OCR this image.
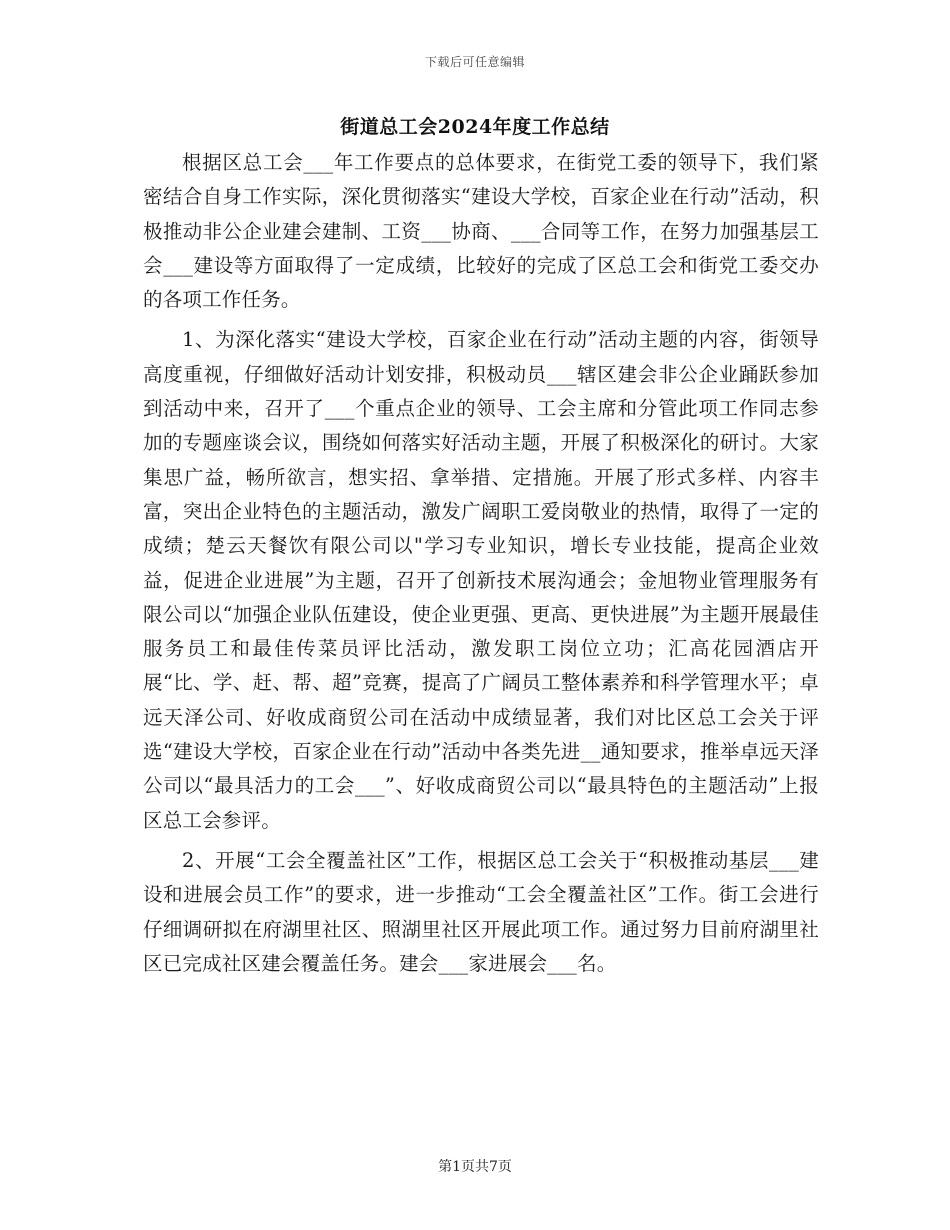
下载后可任意编辑
街道总工会2024年度工作总结

根据区总工会___年工作要点的总体要求，在街党工委的领导下，我们紧密结合自身工作实际，深化贯彻落实“建设大学校，百家企业在行动”活动，积极推动非公企业建会建制、工资___协商、___合同等工作，在努力加强基层工会___建设等方面取得了一定成绩，比较好的完成了区总工会和街党工委交办的各项工作任务。

1、为深化落实“建设大学校，百家企业在行动”活动主题的内容，街领导高度重视，仔细做好活动计划安排，积极动员___辖区建会非公企业踊跃参加到活动中来，召开了___个重点企业的领导、工会主席和分管此项工作同志参加的专题座谈会议，围绕如何落实好活动主题，开展了积极深化的研讨。大家集思广益，畅所欲言，想实招、拿举措、定措施。开展了形式多样、内容丰富，突出企业特色的主题活动，激发广阔职工爱岗敬业的热情，取得了一定的成绩；楚云天餐饮有限公司以"学习专业知识，增长专业技能，提高企业效益，促进企业进展”为主题，召开了创新技术展沟通会；金旭物业管理服务有限公司以“加强企业队伍建设，使企业更强、更高、更快进展”为主题开展最佳服务员工和最佳传菜员评比活动，激发职工岗位立功；汇高花园酒店开展“比、学、赶、帮、超”竞赛，提高了广阔员工整体素养和科学管理水平；卓远天泽公司、好收成商贸公司在活动中成绩显著，我们对比区总工会关于评选“建设大学校，百家企业在行动”活动中各类先进__通知要求，推举卓远天泽公司以“最具活力的工会___”、好收成商贸公司以“最具特色的主题活动”上报区总工会参评。

2、开展“工会全覆盖社区”工作，根据区总工会关于“积极推动基层___建设和进展会员工作”的要求，进一步推动“工会全覆盖社区”工作。街工会进行仔细调研拟在府湖里社区、照湖里社区开展此项工作。通过努力目前府湖里社区已完成社区建会覆盖任务。建会___家进展会___名。

第1页共7页
